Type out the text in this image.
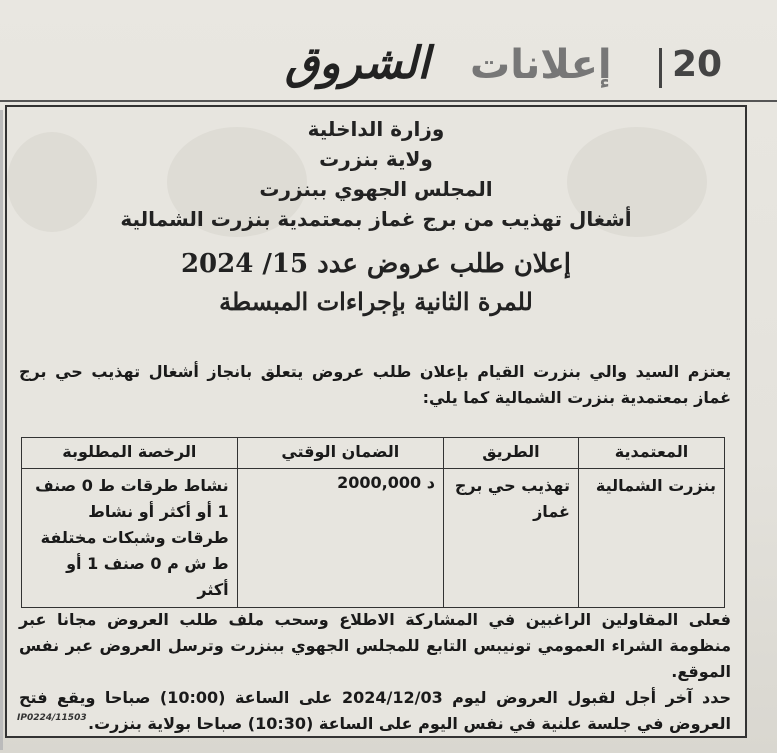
20
إعلانات
الشروق
وزارة الداخلية
ولاية بنزرت
المجلس الجهوي ببنزرت
أشغال تهذيب من برج غماز بمعتمدية بنزرت الشمالية
إعلان طلب عروض عدد 15/ 2024
للمرة الثانية بإجراءات المبسطة
يعتزم السيد والي بنزرت القيام بإعلان طلب عروض يتعلق بانجاز أشغال تهذيب حي برج غماز بمعتمدية بنزرت الشمالية كما يلي:
المعتمدية	الطريق	الضمان الوقتي	الرخصة المطلوبة
بنزرت الشمالية	تهذيب حي برج غماز	2000,000 د	نشاط طرقات ط 0 صنف 1 أو أكثر أو نشاط طرقات وشبكات مختلفة ط ش م 0 صنف 1 أو أكثر
فعلى المقاولين الراغبين في المشاركة الاطلاع وسحب ملف طلب العروض مجانا عبر منظومة الشراء العمومي تونيبس التابع للمجلس الجهوي ببنزرت وترسل العروض عبر نفس الموقع.
حدد آخر أجل لقبول العروض ليوم 2024/12/03 على الساعة (10:00) صباحا ويقع فتح العروض في جلسة علنية في نفس اليوم على الساعة (10:30) صباحا بولاية بنزرت.
IP0224/11503
